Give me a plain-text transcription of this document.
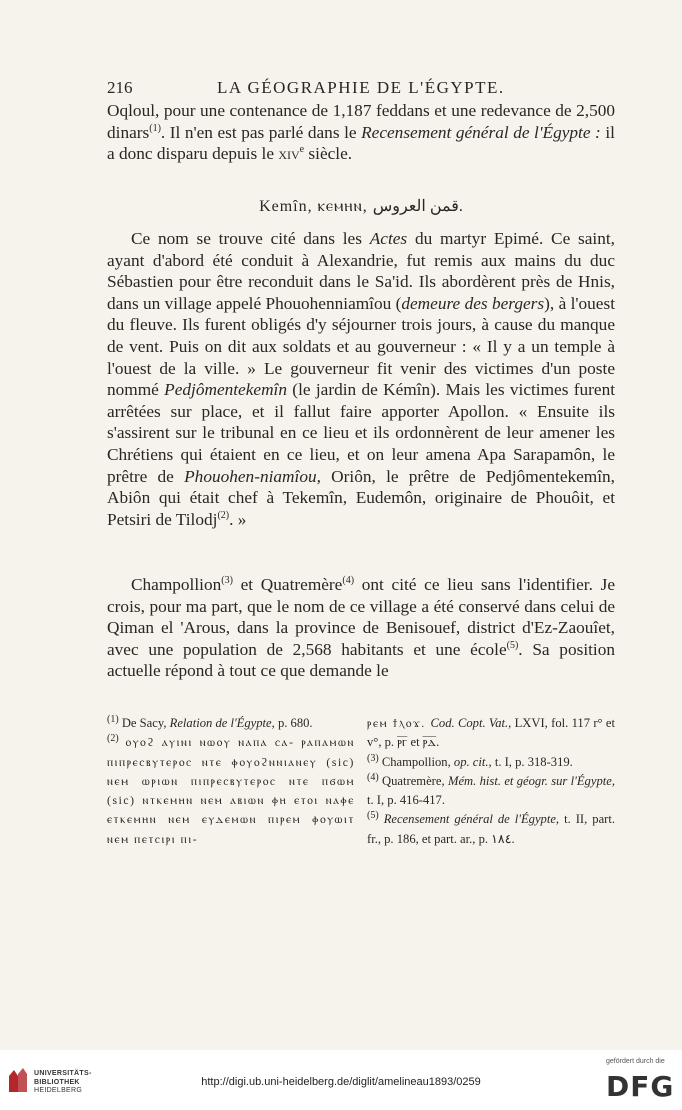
216	LA GÉOGRAPHIE DE L'ÉGYPTE.

Oqloul, pour une contenance de 1,187 feddans et une redevance de 2,500 dinars$^{(1)}$. Il n'en est pas parlé dans le Recensement général de l'Égypte : il a donc disparu depuis le xiv$^e$ siècle.

Kemîn, ⲕⲉⲙⲏⲛ, قمن العروس.

Ce nom se trouve cité dans les Actes du martyr Epimé. Ce saint, ayant d'abord été conduit à Alexandrie, fut remis aux mains du duc Sébastien pour être reconduit dans le Sa'id. Ils abordèrent près de Hnis, dans un village appelé Phouohenniamîou (demeure des bergers), à l'ouest du fleuve. Ils furent obligés d'y séjourner trois jours, à cause du manque de vent. Puis on dit aux soldats et au gouverneur : « Il y a un temple à l'ouest de la ville. » Le gouverneur fit venir des victimes d'un poste nommé Pedjômentekemîn (le jardin de Kémîn). Mais les victimes furent arrêtées sur place, et il fallut faire apporter Apollon. « Ensuite ils s'assirent sur le tribunal en ce lieu et ils ordonnèrent de leur amener les Chrétiens qui étaient en ce lieu, et on leur amena Apa Sarapamôn, le prêtre de Phouohen-niamîou, Oriôn, le prêtre de Pedjômentekemîn, Abiôn qui était chef à Tekemîn, Eudemôn, originaire de Phouôit, et Petsiri de Tilodj$^{(2)}$. »

Champollion$^{(3)}$ et Quatremère$^{(4)}$ ont cité ce lieu sans l'identifier. Je crois, pour ma part, que le nom de ce village a été conservé dans celui de Qiman el 'Arous, dans la province de Benisouef, district d'Ez-Zaouîet, avec une population de 2,568 habitants et une école$^{(5)}$. Sa position actuelle répond à tout ce que demande le

$^{(1)}$ De Sacy, Relation de l'Égypte, p. 680.

$^{(2)}$ ⲟⲩⲟϩ ⲁⲩⲓⲛⲓ ⲛⲱⲟⲩ ⲛⲁⲡⲁ ⲥⲁ- ⲣⲁⲡⲁⲙⲱⲛ ⲡⲓⲡⲣⲉⲥⲃⲩⲧⲉⲣⲟⲥ ⲛⲧⲉ ⲫⲟⲩⲟϩⲛⲛⲓⲁⲛⲉⲩ (sic) ⲛⲉⲙ ⲱⲣⲓⲱⲛ ⲡⲓⲡⲣⲉⲥⲃⲩⲧⲉⲣⲟⲥ ⲛⲧⲉ ⲡϭⲱⲙ (sic) ⲛⲧⲕⲉⲙⲏⲛ ⲛⲉⲙ ⲁⲃⲓⲱⲛ ⲫⲏ ⲉⲧⲟⲓ ⲛⲁⲫⲉ ⲉⲧⲕⲉⲙⲏⲛ ⲛⲉⲙ ⲉⲩⲇⲉⲙⲱⲛ ⲡⲓⲣⲉⲙ ⲫⲟⲩⲱⲓⲧ ⲛⲉⲙ ⲡⲉⲧⲥⲓⲣⲓ ⲡⲓ-

ⲣⲉⲙ ϯⲗⲟϫ. Cod. Copt. Vat., LXVI, fol. 117 r° et v°, p. ⲣ̅ⲅ̅ et ⲣ̅ⲇ̅.

$^{(3)}$ Champollion, op. cit., t. I, p. 318-319.

$^{(4)}$ Quatremère, Mém. hist. et géogr. sur l'Égypte, t. I, p. 416-417.

$^{(5)}$ Recensement général de l'Égypte, t. II, part. fr., p. 186, et part. ar., p. ١٨٤.

UNIVERSITÄTS-
BIBLIOTHEK
HEIDELBERG
http://digi.ub.uni-heidelberg.de/diglit/amelineau1893/0259
gefördert durch die
DFG
